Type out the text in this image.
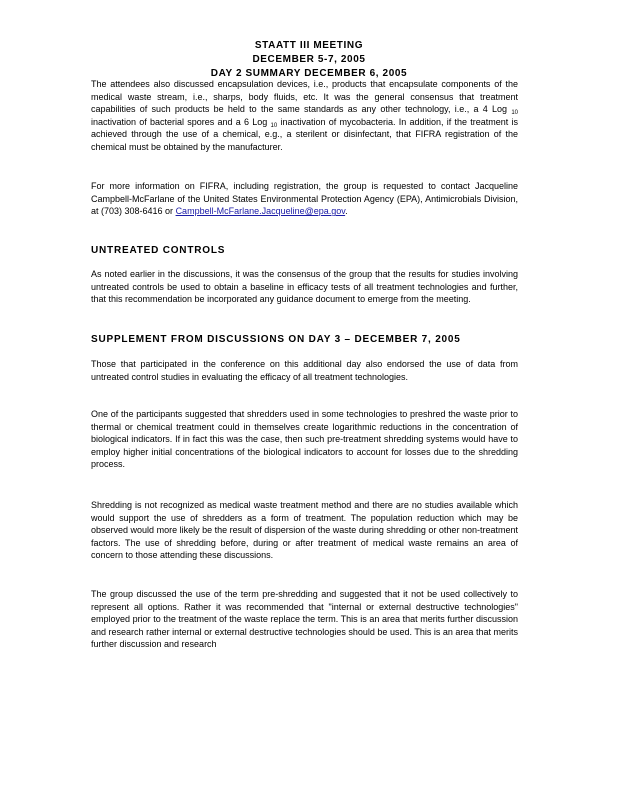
STAATT III MEETING
DECEMBER 5-7, 2005
DAY 2 SUMMARY DECEMBER 6, 2005

The attendees also discussed encapsulation devices, i.e., products that encapsulate components of the medical waste stream, i.e., sharps, body fluids, etc. It was the general consensus that treatment capabilities of such products be held to the same standards as any other technology, i.e., a 4 Log $_{10}$ inactivation of bacterial spores and a 6 Log $_{10}$ inactivation of mycobacteria. In addition, if the treatment is achieved through the use of a chemical, e.g., a sterilent or disinfectant, that FIFRA registration of the chemical must be obtained by the manufacturer.

For more information on FIFRA, including registration, the group is requested to contact Jacqueline Campbell-McFarlane of the United States Environmental Protection Agency (EPA), Antimicrobials Division, at (703) 308-6416 or Campbell-McFarlane.Jacqueline@epa.gov.

UNTREATED CONTROLS

As noted earlier in the discussions, it was the consensus of the group that the results for studies involving untreated controls be used to obtain a baseline in efficacy tests of all treatment technologies and further, that this recommendation be incorporated any guidance document to emerge from the meeting.

SUPPLEMENT FROM DISCUSSIONS ON DAY 3 – DECEMBER 7, 2005

Those that participated in the conference on this additional day also endorsed the use of data from untreated control studies in evaluating the efficacy of all treatment technologies.

One of the participants suggested that shredders used in some technologies to preshred the waste prior to thermal or chemical treatment could in themselves create logarithmic reductions in the concentration of biological indicators. If in fact this was the case, then such pre-treatment shredding systems would have to employ higher initial concentrations of the biological indicators to account for losses due to the shredding process.

Shredding is not recognized as medical waste treatment method and there are no studies available which would support the use of shredders as a form of treatment. The population reduction which may be observed would more likely be the result of dispersion of the waste during shredding or other non-treatment factors. The use of shredding before, during or after treatment of medical waste remains an area of concern to those attending these discussions.

The group discussed the use of the term pre-shredding and suggested that it not be used collectively to represent all options. Rather it was recommended that "internal or external destructive technologies" employed prior to the treatment of the waste replace the term. This is an area that merits further discussion and research rather internal or external destructive technologies should be used. This is an area that merits further discussion and research
